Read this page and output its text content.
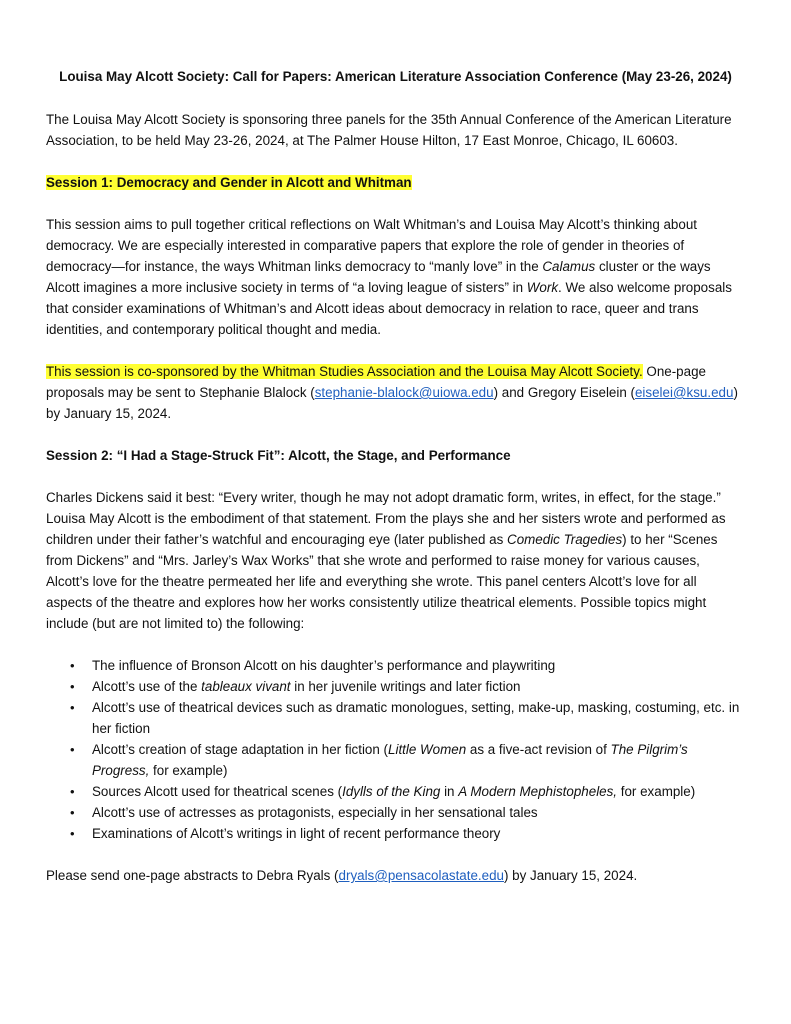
Louisa May Alcott Society: Call for Papers: American Literature Association Conference (May 23-26, 2024)

The Louisa May Alcott Society is sponsoring three panels for the 35th Annual Conference of the American Literature Association, to be held May 23-26, 2024, at The Palmer House Hilton, 17 East Monroe, Chicago, IL 60603.

Session 1: Democracy and Gender in Alcott and Whitman

This session aims to pull together critical reflections on Walt Whitman’s and Louisa May Alcott’s thinking about democracy. We are especially interested in comparative papers that explore the role of gender in theories of democracy—for instance, the ways Whitman links democracy to “manly love” in the Calamus cluster or the ways Alcott imagines a more inclusive society in terms of “a loving league of sisters” in Work. We also welcome proposals that consider examinations of Whitman’s and Alcott ideas about democracy in relation to race, queer and trans identities, and contemporary political thought and media.

This session is co-sponsored by the Whitman Studies Association and the Louisa May Alcott Society. One-page proposals may be sent to Stephanie Blalock (stephanie-blalock@uiowa.edu) and Gregory Eiselein (eiselei@ksu.edu) by January 15, 2024.

Session 2: “I Had a Stage-Struck Fit”: Alcott, the Stage, and Performance

Charles Dickens said it best: “Every writer, though he may not adopt dramatic form, writes, in effect, for the stage.” Louisa May Alcott is the embodiment of that statement. From the plays she and her sisters wrote and performed as children under their father’s watchful and encouraging eye (later published as Comedic Tragedies) to her “Scenes from Dickens” and “Mrs. Jarley’s Wax Works” that she wrote and performed to raise money for various causes, Alcott’s love for the theatre permeated her life and everything she wrote. This panel centers Alcott’s love for all aspects of the theatre and explores how her works consistently utilize theatrical elements. Possible topics might include (but are not limited to) the following:

• The influence of Bronson Alcott on his daughter’s performance and playwriting
• Alcott’s use of the tableaux vivant in her juvenile writings and later fiction
• Alcott’s use of theatrical devices such as dramatic monologues, setting, make-up, masking, costuming, etc. in her fiction
• Alcott’s creation of stage adaptation in her fiction (Little Women as a five-act revision of The Pilgrim’s Progress, for example)
• Sources Alcott used for theatrical scenes (Idylls of the King in A Modern Mephistopheles, for example)
• Alcott’s use of actresses as protagonists, especially in her sensational tales
• Examinations of Alcott’s writings in light of recent performance theory

Please send one-page abstracts to Debra Ryals (dryals@pensacolastate.edu) by January 15, 2024.
